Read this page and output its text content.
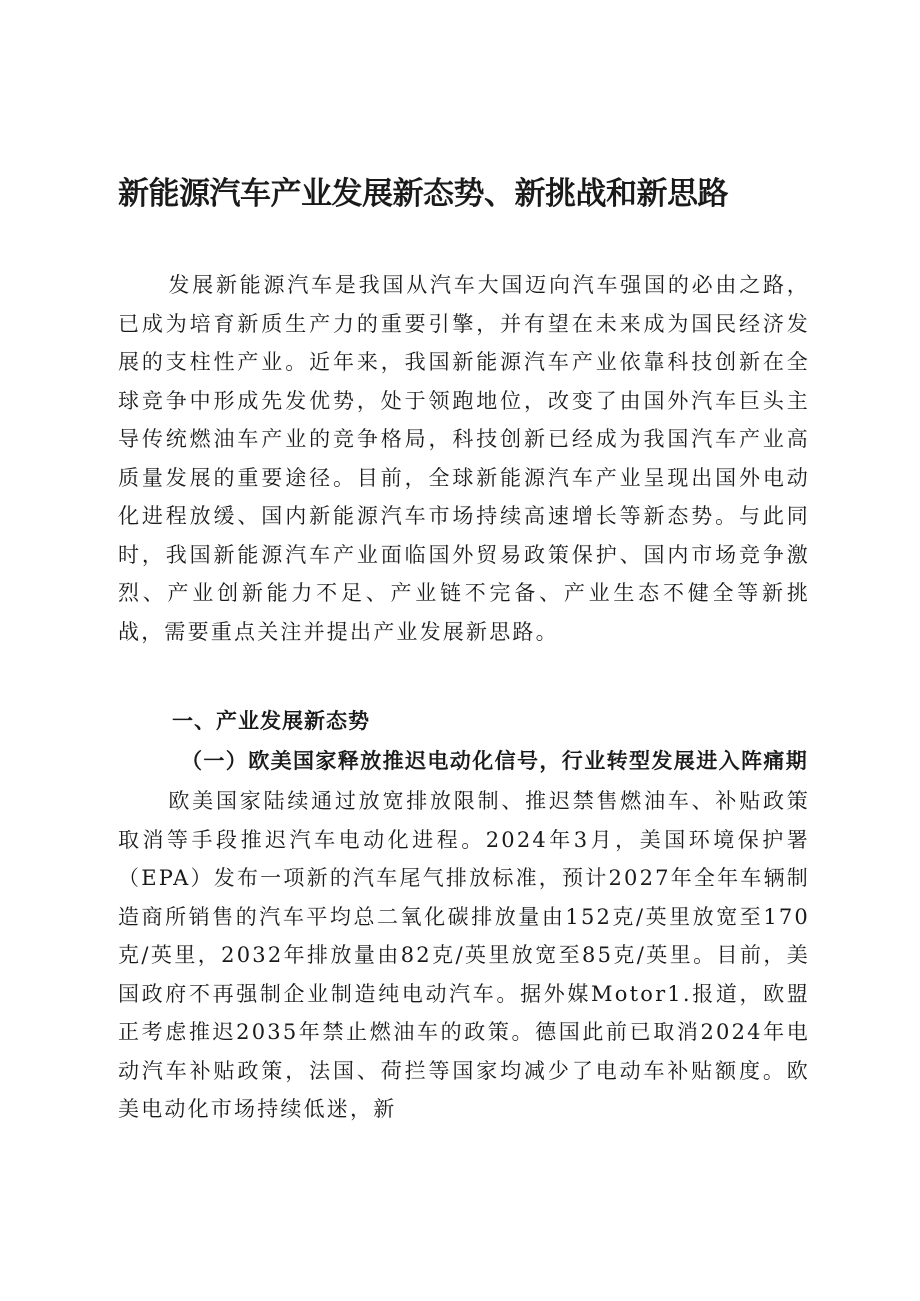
新能源汽车产业发展新态势、新挑战和新思路

发展新能源汽车是我国从汽车大国迈向汽车强国的必由之路，已成为培育新质生产力的重要引擎，并有望在未来成为国民经济发展的支柱性产业。近年来，我国新能源汽车产业依靠科技创新在全球竞争中形成先发优势，处于领跑地位，改变了由国外汽车巨头主导传统燃油车产业的竞争格局，科技创新已经成为我国汽车产业高质量发展的重要途径。目前，全球新能源汽车产业呈现出国外电动化进程放缓、国内新能源汽车市场持续高速增长等新态势。与此同时，我国新能源汽车产业面临国外贸易政策保护、国内市场竞争激烈、产业创新能力不足、产业链不完备、产业生态不健全等新挑战，需要重点关注并提出产业发展新思路。

一、产业发展新态势
（一）欧美国家释放推迟电动化信号，行业转型发展进入阵痛期

欧美国家陆续通过放宽排放限制、推迟禁售燃油车、补贴政策取消等手段推迟汽车电动化进程。2024年3月，美国环境保护署（EPA）发布一项新的汽车尾气排放标准，预计2027年全年车辆制造商所销售的汽车平均总二氧化碳排放量由152克/英里放宽至170克/英里，2032年排放量由82克/英里放宽至85克/英里。目前，美国政府不再强制企业制造纯电动汽车。据外媒Motor1.报道，欧盟正考虑推迟2035年禁止燃油车的政策。德国此前已取消2024年电动汽车补贴政策，法国、荷拦等国家均减少了电动车补贴额度。欧美电动化市场持续低迷，新
